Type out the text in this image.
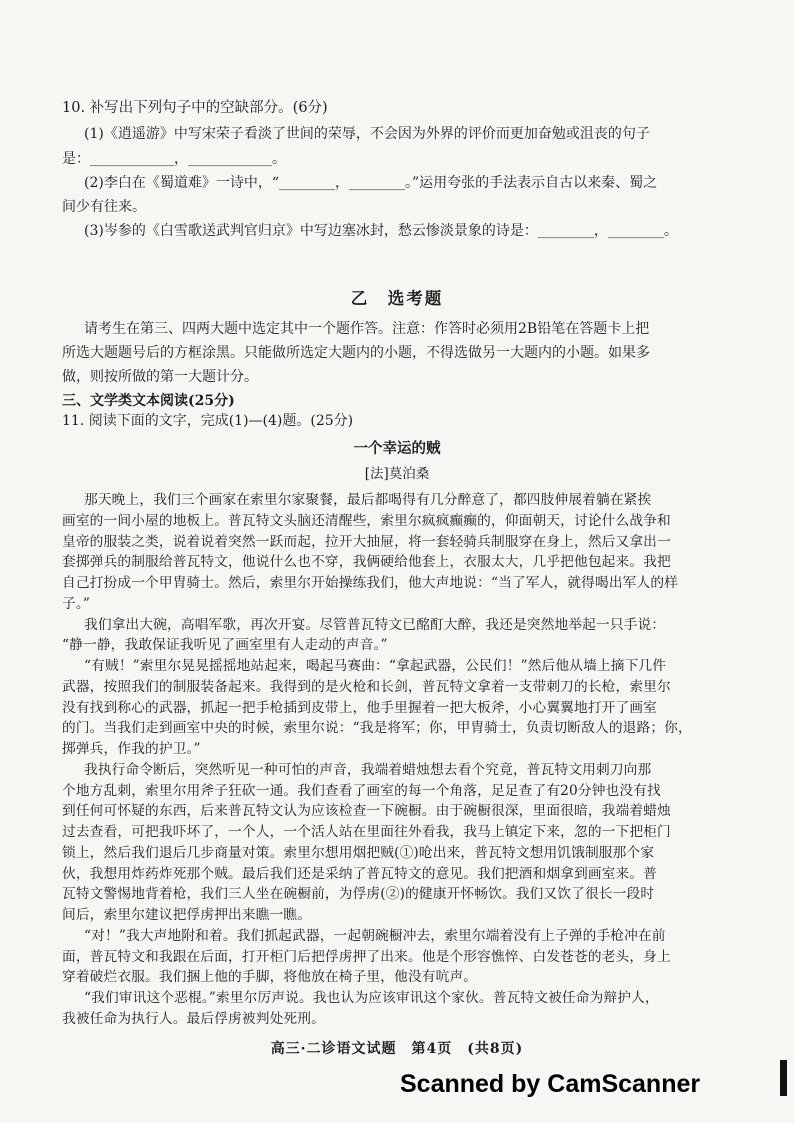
10. 补写出下列句子中的空缺部分。(6分)
(1)《逍遥游》中写宋荣子看淡了世间的荣辱，不会因为外界的评价而更加奋勉或沮丧的句子
是：____________，____________。
(2)李白在《蜀道难》一诗中，“________，________。”运用夸张的手法表示自古以来秦、蜀之
间少有往来。
(3)岑参的《白雪歌送武判官归京》中写边塞冰封，愁云惨淡景象的诗是：________，________。
乙　选考题
请考生在第三、四两大题中选定其中一个题作答。注意：作答时必须用2B铅笔在答题卡上把
所选大题题号后的方框涂黑。只能做所选定大题内的小题，不得选做另一大题内的小题。如果多
做，则按所做的第一大题计分。
三、文学类文本阅读(25分)
11. 阅读下面的文字，完成(1)—(4)题。(25分)
一个幸运的贼
[法]莫泊桑
那天晚上，我们三个画家在索里尔家聚餐，最后都喝得有几分醉意了，都四肢伸展着躺在紧挨
画室的一间小屋的地板上。普瓦特文头脑还清醒些，索里尔疯疯癫癫的，仰面朝天，讨论什么战争和
皇帝的服装之类，说着说着突然一跃而起，拉开大抽屉，将一套轻骑兵制服穿在身上，然后又拿出一
套掷弹兵的制服给普瓦特文，他说什么也不穿，我俩硬给他套上，衣服太大，几乎把他包起来。我把
自己打扮成一个甲胄骑士。然后，索里尔开始操练我们，他大声地说：“当了军人，就得喝出军人的样
子。”
我们拿出大碗，高唱军歌，再次开宴。尽管普瓦特文已酩酊大醉，我还是突然地举起一只手说：
“静一静，我敢保证我听见了画室里有人走动的声音。”
“有贼！”索里尔晃晃摇摇地站起来，喝起马赛曲：“拿起武器，公民们！”然后他从墙上摘下几件
武器，按照我们的制服装备起来。我得到的是火枪和长剑，普瓦特文拿着一支带刺刀的长枪，索里尔
没有找到称心的武器，抓起一把手枪插到皮带上，他手里握着一把大板斧，小心翼翼地打开了画室
的门。当我们走到画室中央的时候，索里尔说：“我是将军；你，甲胄骑士，负责切断敌人的退路；你，
掷弹兵，作我的护卫。”
我执行命令断后，突然听见一种可怕的声音，我端着蜡烛想去看个究竟，普瓦特文用刺刀向那
个地方乱刺，索里尔用斧子狂砍一通。我们查看了画室的每一个角落，足足查了有20分钟也没有找
到任何可怀疑的东西，后来普瓦特文认为应该检查一下碗橱。由于碗橱很深，里面很暗，我端着蜡烛
过去查看，可把我吓坏了，一个人，一个活人站在里面往外看我，我马上镇定下来，忽的一下把柜门
锁上，然后我们退后几步商量对策。索里尔想用烟把贼(①)呛出来，普瓦特文想用饥饿制服那个家
伙，我想用炸药炸死那个贼。最后我们还是采纳了普瓦特文的意见。我们把酒和烟拿到画室来。普
瓦特文警惕地背着枪，我们三人坐在碗橱前，为俘虏(②)的健康开怀畅饮。我们又饮了很长一段时
间后，索里尔建议把俘虏押出来瞧一瞧。
“对！”我大声地附和着。我们抓起武器，一起朝碗橱冲去，索里尔端着没有上子弹的手枪冲在前
面，普瓦特文和我跟在后面，打开柜门后把俘虏押了出来。他是个形容憔悴、白发苍苍的老头，身上
穿着破烂衣服。我们捆上他的手脚，将他放在椅子里，他没有吭声。
“我们审讯这个恶棍。”索里尔厉声说。我也认为应该审讯这个家伙。普瓦特文被任命为辩护人，
我被任命为执行人。最后俘虏被判处死刑。
高三·二诊语文试题　第4页　(共8页)
Scanned by CamScanner
